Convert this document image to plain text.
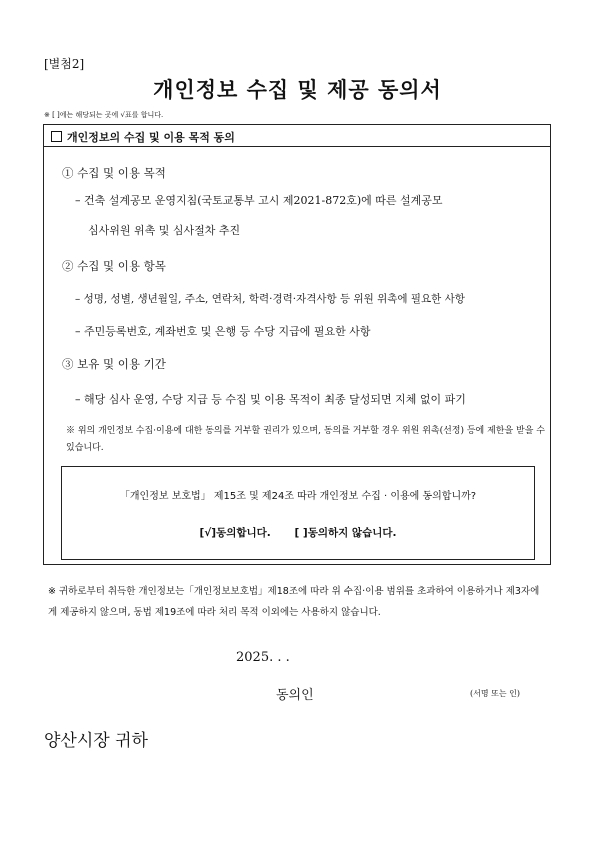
[별첨2]
개인정보 수집 및 제공 동의서
※ [ ]에는 해당되는 곳에 √표를 합니다.
개인정보의 수집 및 이용 목적 동의
① 수집 및 이용 목적
– 건축 설계공모 운영지침(국토교통부 고시 제2021-872호)에 따른 설계공모
심사위원 위촉 및 심사절차 추진
② 수집 및 이용 항목
– 성명, 성별, 생년월일, 주소, 연락처, 학력·경력·자격사항 등 위원 위촉에 필요한 사항
– 주민등록번호, 계좌번호 및 은행 등 수당 지급에 필요한 사항
③ 보유 및 이용 기간
– 해당 심사 운영, 수당 지급 등 수집 및 이용 목적이 최종 달성되면 지체 없이 파기
※ 위의 개인정보 수집·이용에 대한 동의를 거부할 권리가 있으며, 동의를 거부할 경우 위원 위촉(선정) 등에 제한을 받을 수 있습니다.
「개인정보 보호법」 제15조 및 제24조 따라 개인정보 수집 · 이용에 동의합니까?
[√]동의합니다. [ ]동의하지 않습니다.
※ 귀하로부터 취득한 개인정보는「개인정보보호법」제18조에 따라 위 수집·이용 범위를 초과하여 이용하거나 제3자에게 제공하지 않으며, 동법 제19조에 따라 처리 목적 이외에는 사용하지 않습니다.
2025. . .
동의인	(서명 또는 인)
양산시장 귀하
